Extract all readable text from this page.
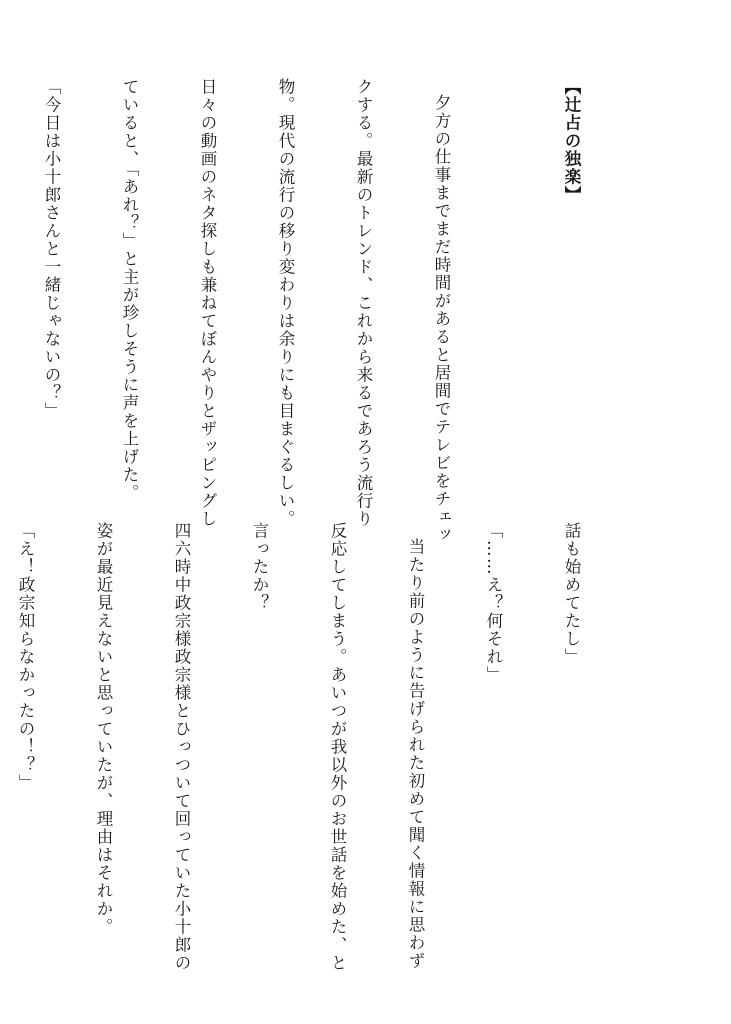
【辻占の独楽】

夕方の仕事までまだ時間があると居間でテレビをチェッ

クする。最新のトレンド、これから来るであろう流行り

物。現代の流行の移り変わりは余りにも目まぐるしい。

日々の動画のネタ探しも兼ねてぼんやりとザッピングし

ていると、「あれ？」と主が珍しそうに声を上げた。

「今日は小十郎さんと一緒じゃないの？」

話も始めてたし」

「……え？何それ」

当たり前のように告げられた初めて聞く情報に思わず

反応してしまう。あいつが我以外のお世話を始めた、と

言ったか？

四六時中政宗様政宗様とひっついて回っていた小十郎の

姿が最近見えないと思っていたが、理由はそれか。

「え！政宗知らなかったの！？」
